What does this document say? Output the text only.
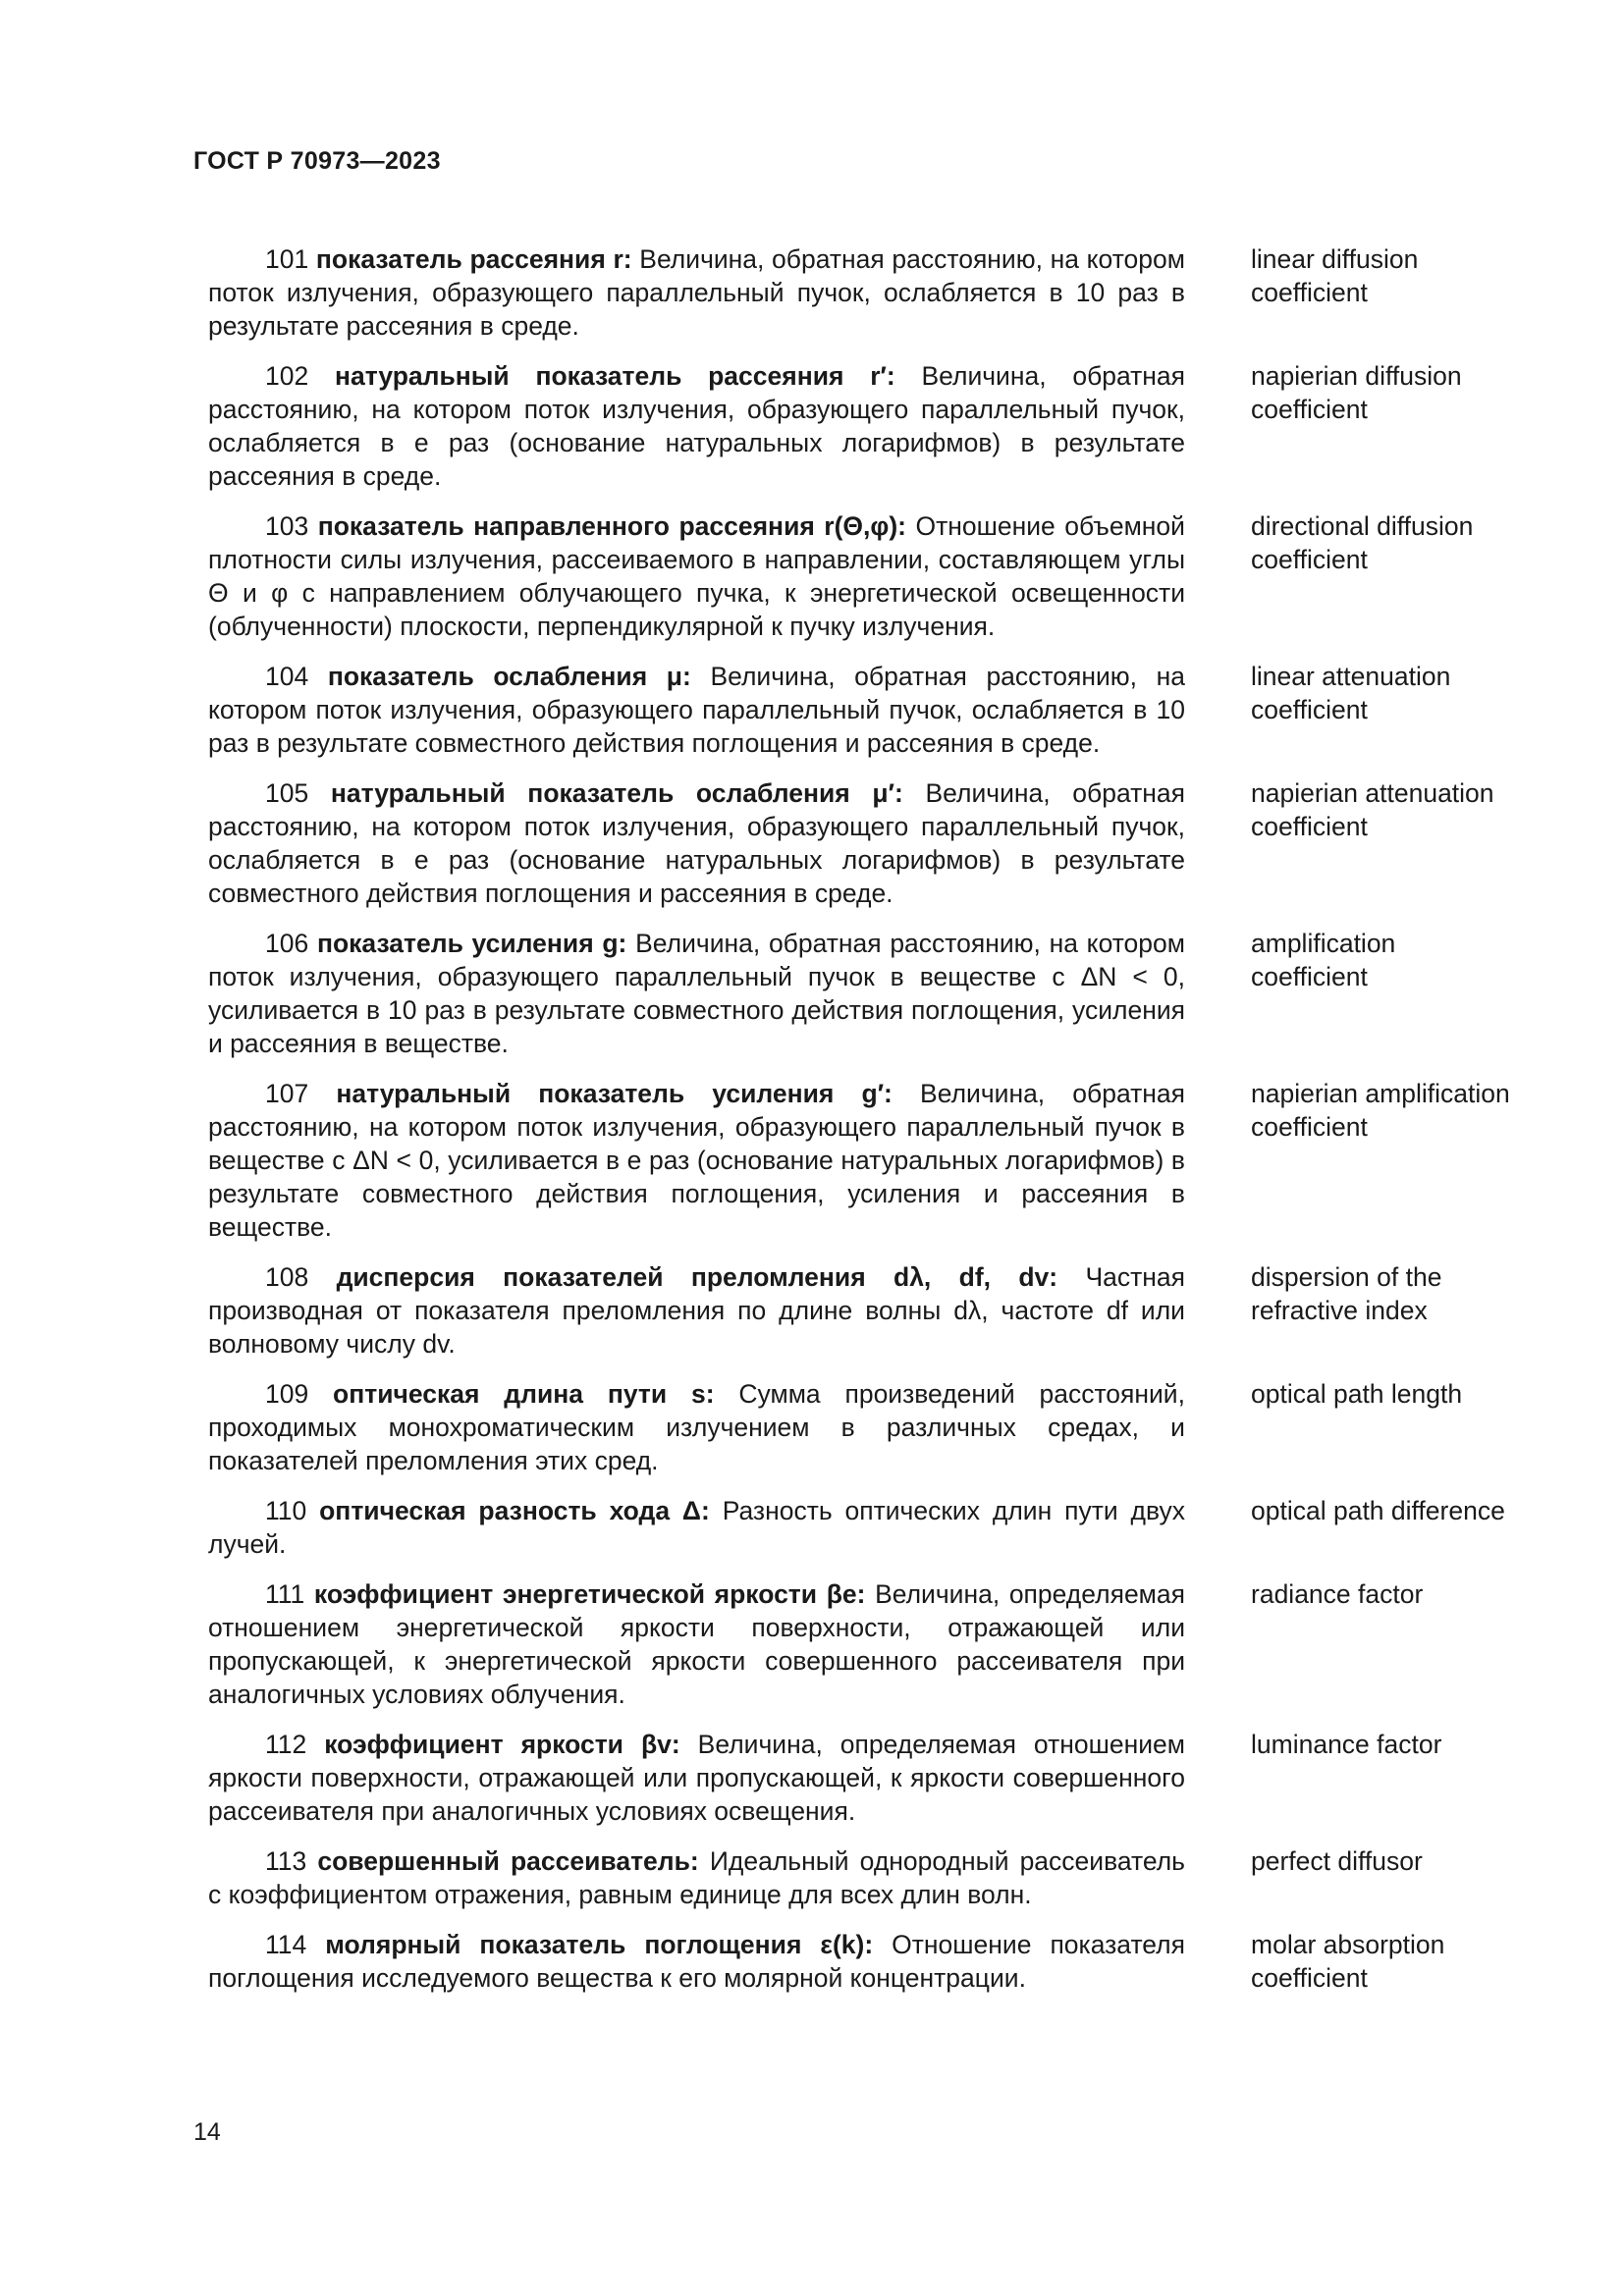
ГОСТ Р 70973—2023
101 показатель рассеяния r: Величина, обратная расстоянию, на котором поток излучения, образующего параллельный пучок, ослабляется в 10 раз в результате рассеяния в среде.
linear diffusion coefficient
102 натуральный показатель рассеяния r′: Величина, обратная расстоянию, на котором поток излучения, образующего параллельный пучок, ослабляется в e раз (основание натуральных логарифмов) в результате рассеяния в среде.
napierian diffusion coefficient
103 показатель направленного рассеяния r(Θ,φ): Отношение объемной плотности силы излучения, рассеиваемого в направлении, составляющем углы Θ и φ с направлением облучающего пучка, к энергетической освещенности (облученности) плоскости, перпендикулярной к пучку излучения.
directional diffusion coefficient
104 показатель ослабления μ: Величина, обратная расстоянию, на котором поток излучения, образующего параллельный пучок, ослабляется в 10 раз в результате совместного действия поглощения и рассеяния в среде.
linear attenuation coefficient
105 натуральный показатель ослабления μ′: Величина, обратная расстоянию, на котором поток излучения, образующего параллельный пучок, ослабляется в e раз (основание натуральных логарифмов) в результате совместного действия поглощения и рассеяния в среде.
napierian attenuation coefficient
106 показатель усиления g: Величина, обратная расстоянию, на котором поток излучения, образующего параллельный пучок в веществе с ΔN < 0, усиливается в 10 раз в результате совместного действия поглощения, усиления и рассеяния в веществе.
amplification coefficient
107 натуральный показатель усиления g′: Величина, обратная расстоянию, на котором поток излучения, образующего параллельный пучок в веществе с ΔN < 0, усиливается в e раз (основание натуральных логарифмов) в результате совместного действия поглощения, усиления и рассеяния в веществе.
napierian amplification coefficient
108 дисперсия показателей преломления dλ, df, dv: Частная производная от показателя преломления по длине волны dλ, частоте df или волновому числу dv.
dispersion of the refractive index
109 оптическая длина пути s: Сумма произведений расстояний, проходимых монохроматическим излучением в различных средах, и показателей преломления этих сред.
optical path length
110 оптическая разность хода Δ: Разность оптических длин пути двух лучей.
optical path difference
111 коэффициент энергетической яркости βe: Величина, определяемая отношением энергетической яркости поверхности, отражающей или пропускающей, к энергетической яркости совершенного рассеивателя при аналогичных условиях облучения.
radiance factor
112 коэффициент яркости βv: Величина, определяемая отношением яркости поверхности, отражающей или пропускающей, к яркости совершенного рассеивателя при аналогичных условиях освещения.
luminance factor
113 совершенный рассеиватель: Идеальный однородный рассеиватель с коэффициентом отражения, равным единице для всех длин волн.
perfect diffusor
114 молярный показатель поглощения ε(k): Отношение показателя поглощения исследуемого вещества к его молярной концентрации.
molar absorption coefficient
14
